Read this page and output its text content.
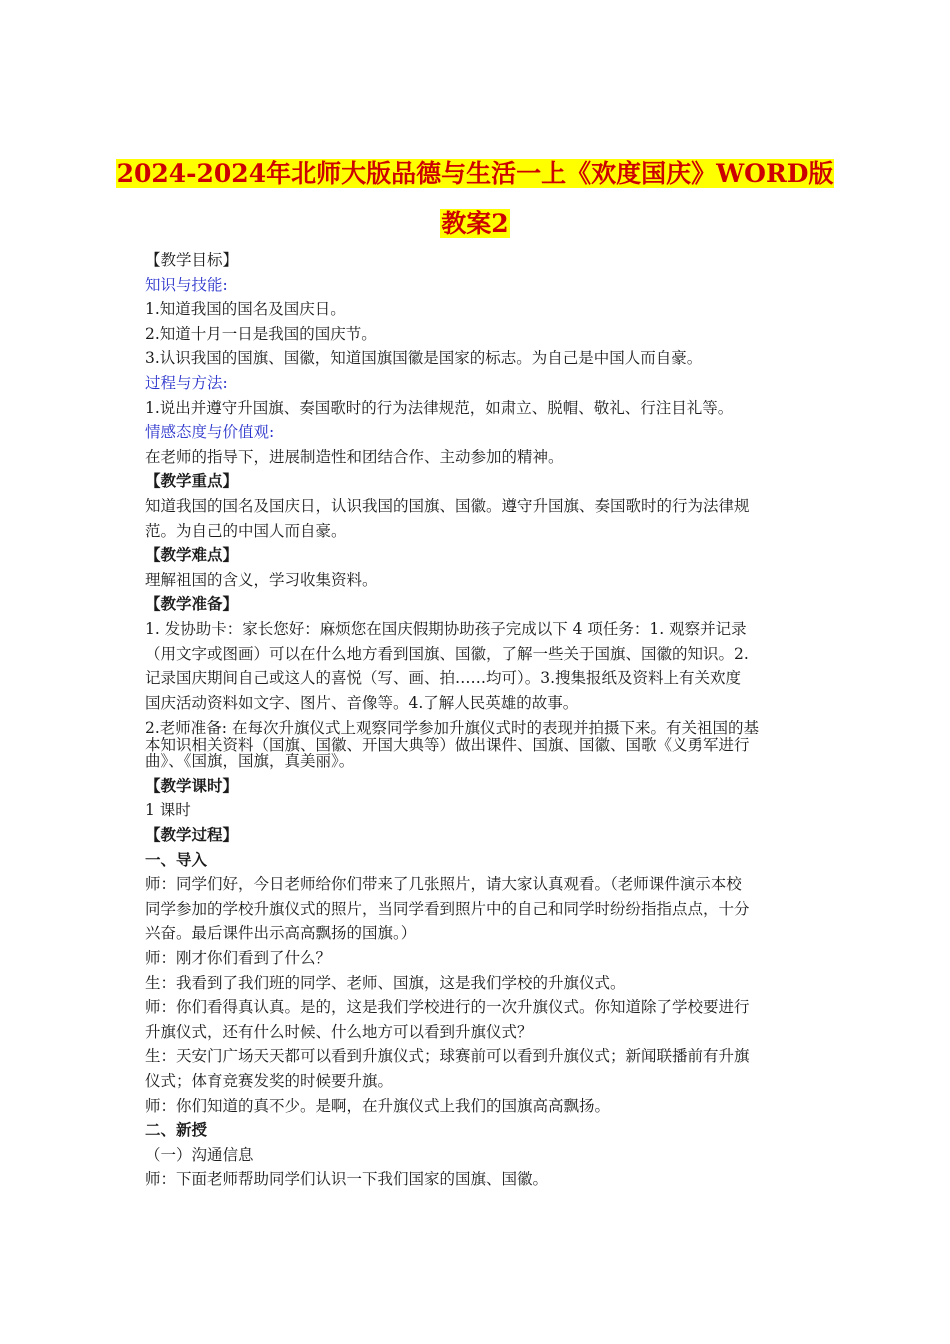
2024-2024年北师大版品德与生活一上《欢度国庆》WORD版
教案2
【教学目标】
知识与技能:
1.知道我国的国名及国庆日。
2.知道十月一日是我国的国庆节。
3.认识我国的国旗、国徽，知道国旗国徽是国家的标志。为自己是中国人而自豪。
过程与方法:
1.说出并遵守升国旗、奏国歌时的行为法律规范，如肃立、脱帽、敬礼、行注目礼等。
情感态度与价值观:
在老师的指导下，进展制造性和团结合作、主动参加的精神。
【教学重点】
知道我国的国名及国庆日，认识我国的国旗、国徽。遵守升国旗、奏国歌时的行为法律规
范。为自己的中国人而自豪。
【教学难点】
理解祖国的含义，学习收集资料。
【教学准备】
1. 发协助卡：家长您好：麻烦您在国庆假期协助孩子完成以下 4 项任务：1. 观察并记录
（用文字或图画）可以在什么地方看到国旗、国徽，了解一些关于国旗、国徽的知识。2.
记录国庆期间自己或这人的喜悦（写、画、拍……均可）。3.搜集报纸及资料上有关欢度
国庆活动资料如文字、图片、音像等。4.了解人民英雄的故事。
2.老师准备: 在每次升旗仪式上观察同学参加升旗仪式时的表现并拍摄下来。有关祖国的基
本知识相关资料（国旗、国徽、开国大典等）做出课件、国旗、国徽、国歌《义勇军进行
曲》、《国旗，国旗，真美丽》。
【教学课时】
1 课时
【教学过程】
一、导入
师：同学们好，今日老师给你们带来了几张照片，请大家认真观看。（老师课件演示本校
同学参加的学校升旗仪式的照片，当同学看到照片中的自己和同学时纷纷指指点点，十分
兴奋。最后课件出示高高飘扬的国旗。）
师：刚才你们看到了什么？
生：我看到了我们班的同学、老师、国旗，这是我们学校的升旗仪式。
师：你们看得真认真。是的，这是我们学校进行的一次升旗仪式。你知道除了学校要进行
升旗仪式，还有什么时候、什么地方可以看到升旗仪式？
生：天安门广场天天都可以看到升旗仪式；球赛前可以看到升旗仪式；新闻联播前有升旗
仪式；体育竞赛发奖的时候要升旗。
师：你们知道的真不少。是啊，在升旗仪式上我们的国旗高高飘扬。
二、新授
（一）沟通信息
师：下面老师帮助同学们认识一下我们国家的国旗、国徽。
